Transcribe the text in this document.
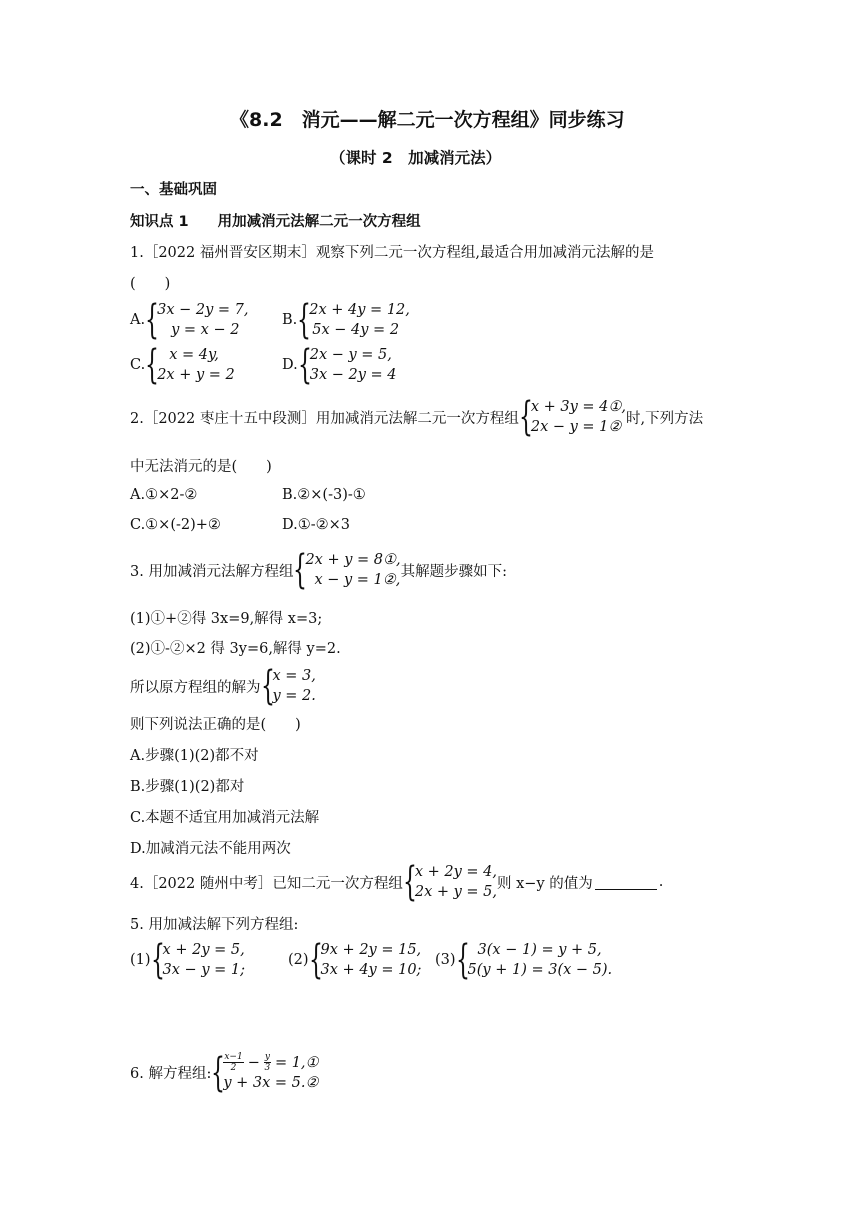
《8.2　消元——解二元一次方程组》同步练习
（课时 2　加减消元法）
一、基础巩固
知识点 1　　用加减消元法解二元一次方程组
1.［2022 福州晋安区期末］观察下列二元一次方程组,最适合用加减消元法解的是
(　　)
A. {
3x − 2y = 7,
y = x − 2
B. {
2x + 4y = 12,
5x − 4y = 2
C. { x = 4y,
2x + y = 2
D. {
2x − y = 5,
3x − 2y = 4
2.［2022 枣庄十五中段测］用加减消元法解二元一次方程组 {
x + 3y = 4①,
2x − y = 1②
时,下列方法
中无法消元的是(　　)
A.①×2-②	B.②×(-3)-①
C.①×(-2)+②	D.①-②×3
3. 用加减消元法解方程组 {
2x + y = 8①,
x − y = 1②,
其解题步骤如下:
(1)①+②得 3x=9,解得 x=3;
(2)①-②×2 得 3y=6,解得 y=2.
所以原方程组的解为 {
x = 3,
y = 2.
则下列说法正确的是(　　)
A.步骤(1)(2)都不对
B.步骤(1)(2)都对
C.本题不适宜用加减消元法解
D.加减消元法不能用两次
4.［2022 随州中考］已知二元一次方程组 {
x + 2y = 4,
2x + y = 5,
则 x−y 的值为	.
5. 用加减法解下列方程组:
(1) {
x + 2y = 5,
3x − y = 1;
(2) {
9x + 2y = 15,
3x + 4y = 10;
(3) { 3(x − 1) = y + 5,
5(y + 1) = 3(x − 5).
6. 解方程组: { x−1
$2 - \frac{y}{3}$ = 1,①
y + 3x = 5.②
